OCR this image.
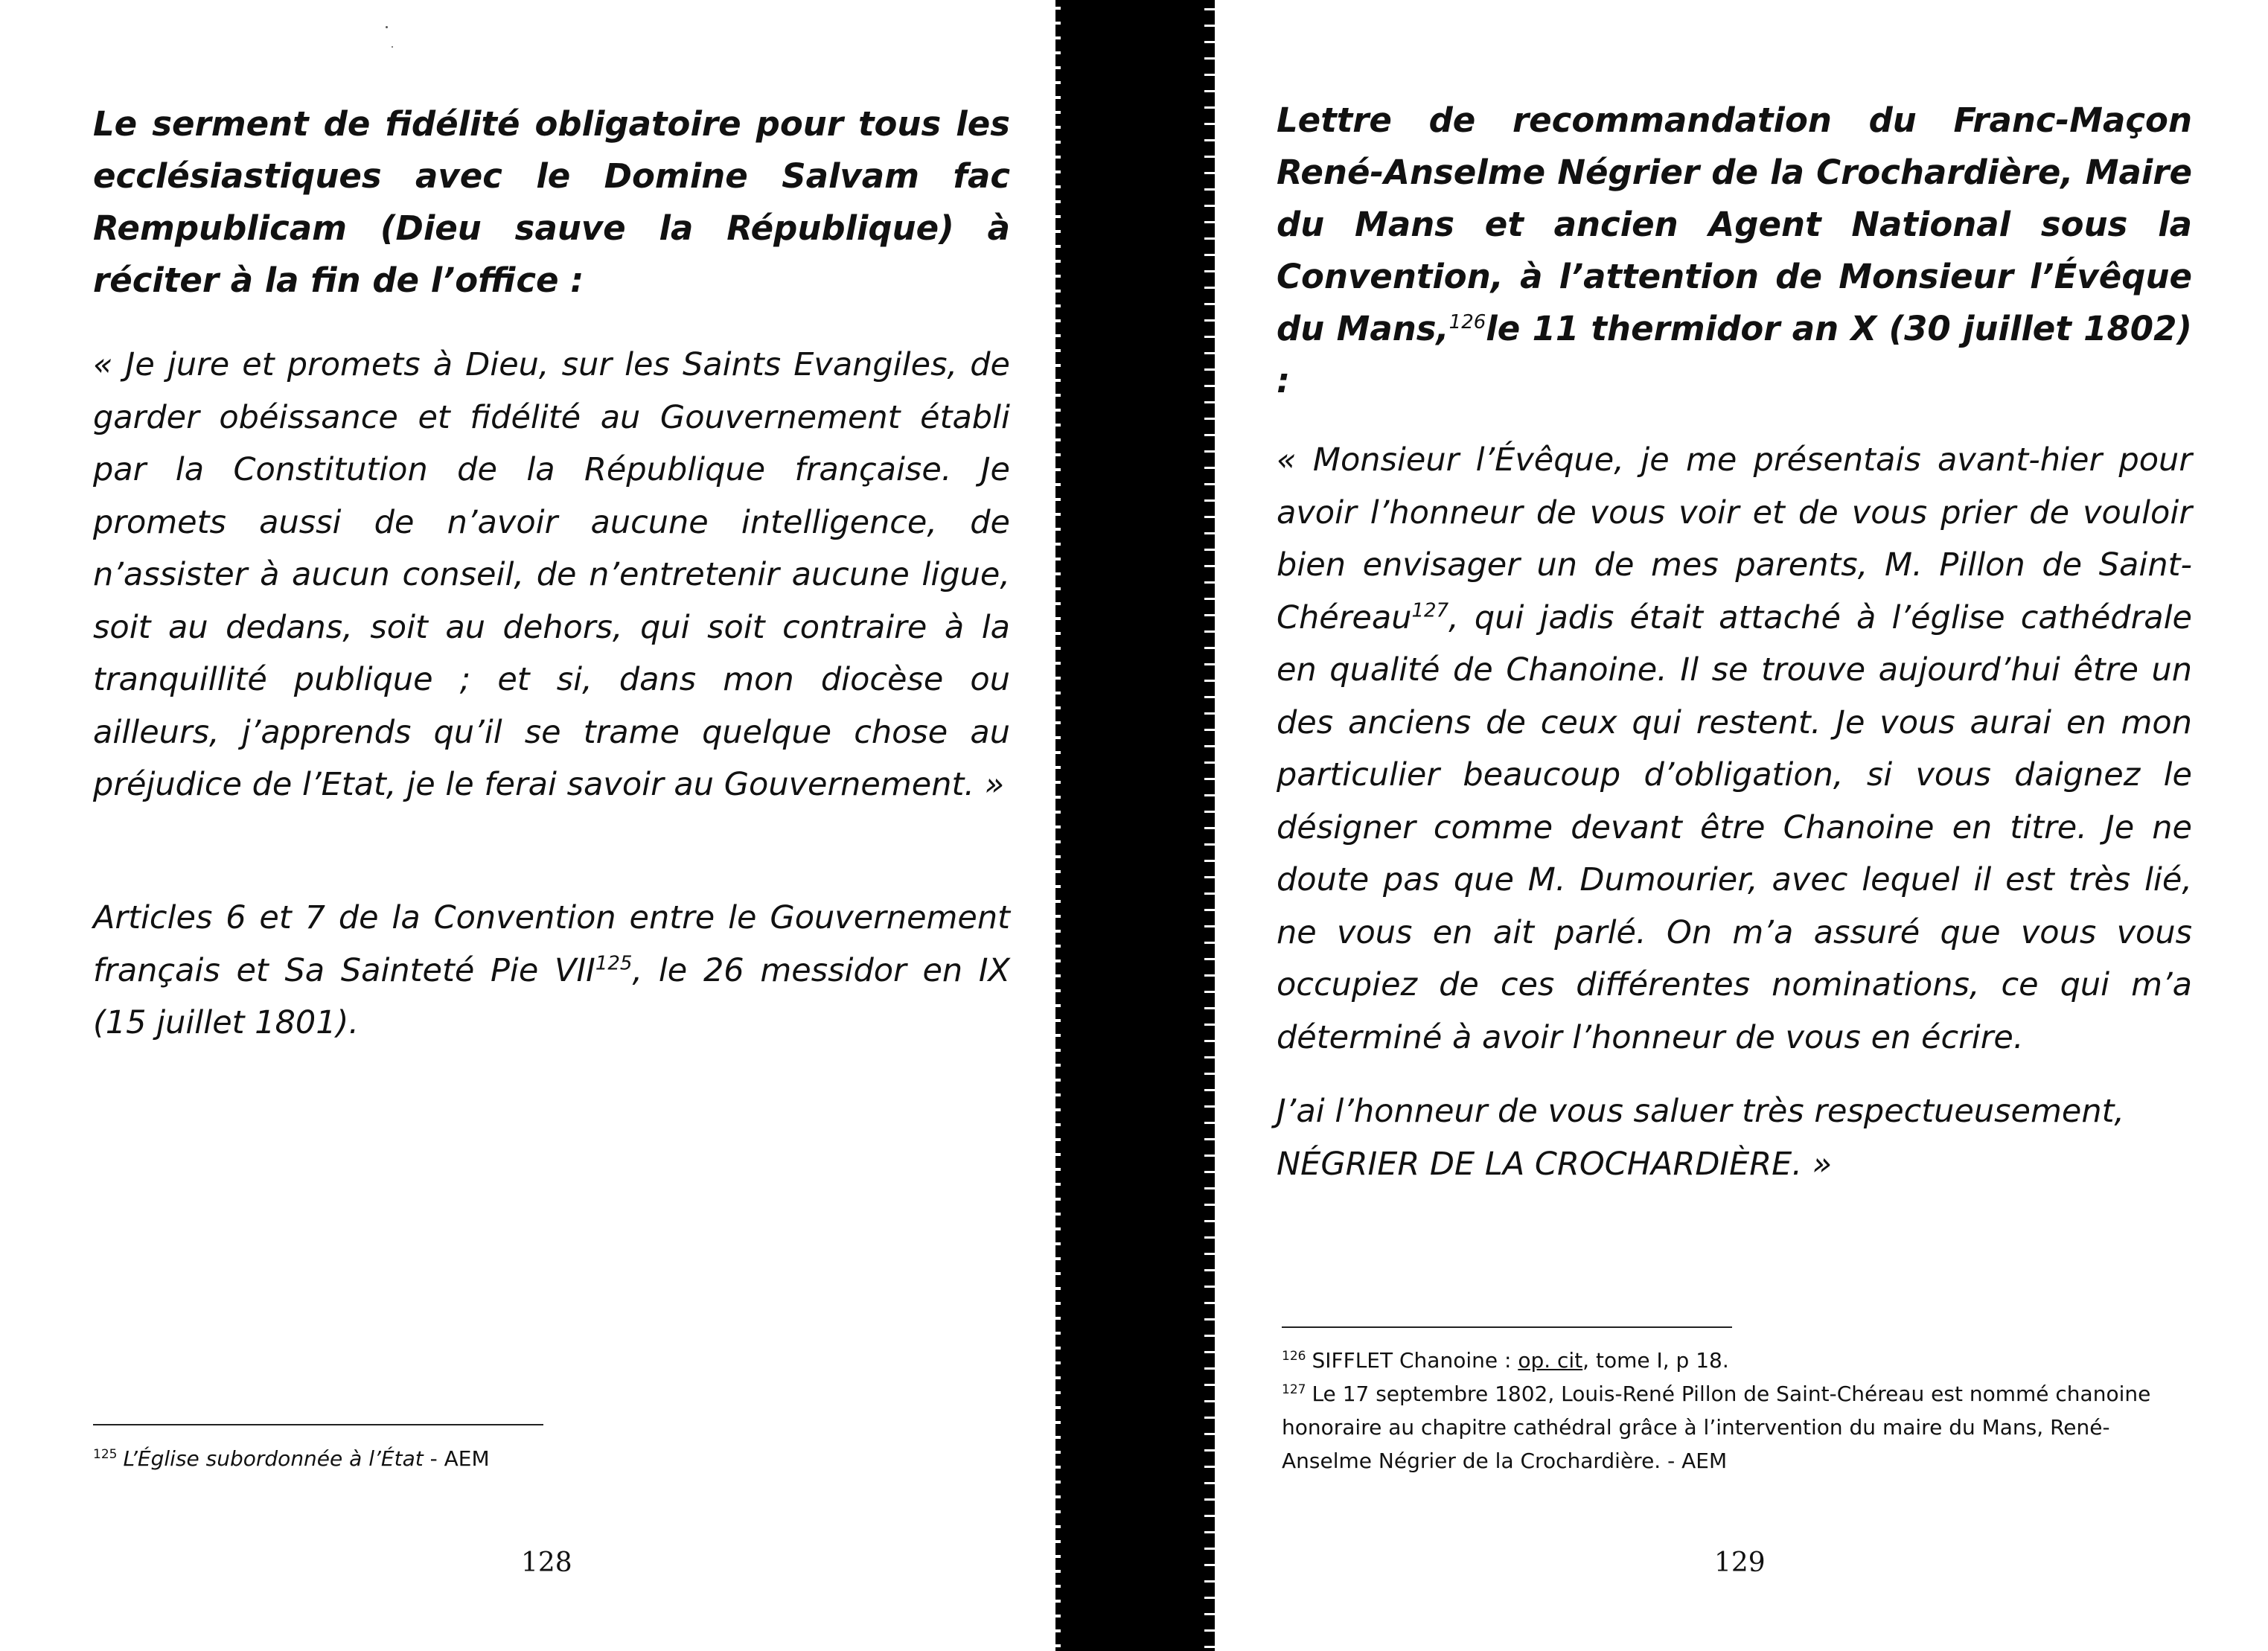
Le serment de fidélité obligatoire pour tous les ecclésiastiques avec le Domine Salvam fac Rempublicam (Dieu sauve la République) à réciter à la fin de l’office :

« Je jure et promets à Dieu, sur les Saints Evangiles, de garder obéissance et fidélité au Gouvernement établi par la Constitution de la République française. Je promets aussi de n’avoir aucune intelligence, de n’assister à aucun conseil, de n’entretenir aucune ligue, soit au dedans, soit au dehors, qui soit contraire à la tranquillité publique ; et si, dans mon diocèse ou ailleurs, j’apprends qu’il se trame quelque chose au préjudice de l’Etat, je le ferai savoir au Gouvernement. »

Articles 6 et 7 de la Convention entre le Gouvernement français et Sa Sainteté Pie VII$^{125}$, le 26 messidor en IX (15 juillet 1801).

$^{125}$ L’Église subordonnée à l’État - AEM

128
Lettre de recommandation du Franc-Maçon René-Anselme Négrier de la Crochardière, Maire du Mans et ancien Agent National sous la Convention, à l’attention de Monsieur l’Évêque du Mans,$^{126}$le 11 thermidor an X (30 juillet 1802) :

« Monsieur l’Évêque, je me présentais avant-hier pour avoir l’honneur de vous voir et de vous prier de vouloir bien envisager un de mes parents, M. Pillon de Saint-Chéreau$^{127}$, qui jadis était attaché à l’église cathédrale en qualité de Chanoine. Il se trouve aujourd’hui être un des anciens de ceux qui restent. Je vous aurai en mon particulier beaucoup d’obligation, si vous daignez le désigner comme devant être Chanoine en titre. Je ne doute pas que M. Dumourier, avec lequel il est très lié, ne vous en ait parlé. On m’a assuré que vous vous occupiez de ces différentes nominations, ce qui m’a déterminé à avoir l’honneur de vous en écrire.

J’ai l’honneur de vous saluer très respectueusement,
NÉGRIER DE LA CROCHARDIÈRE. »

$^{126}$ SIFFLET Chanoine : op. cit, tome I, p 18.

$^{127}$ Le 17 septembre 1802, Louis-René Pillon de Saint-Chéreau est nommé chanoine honoraire au chapitre cathédral grâce à l’intervention du maire du Mans, René-Anselme Négrier de la Crochardière. - AEM

129
